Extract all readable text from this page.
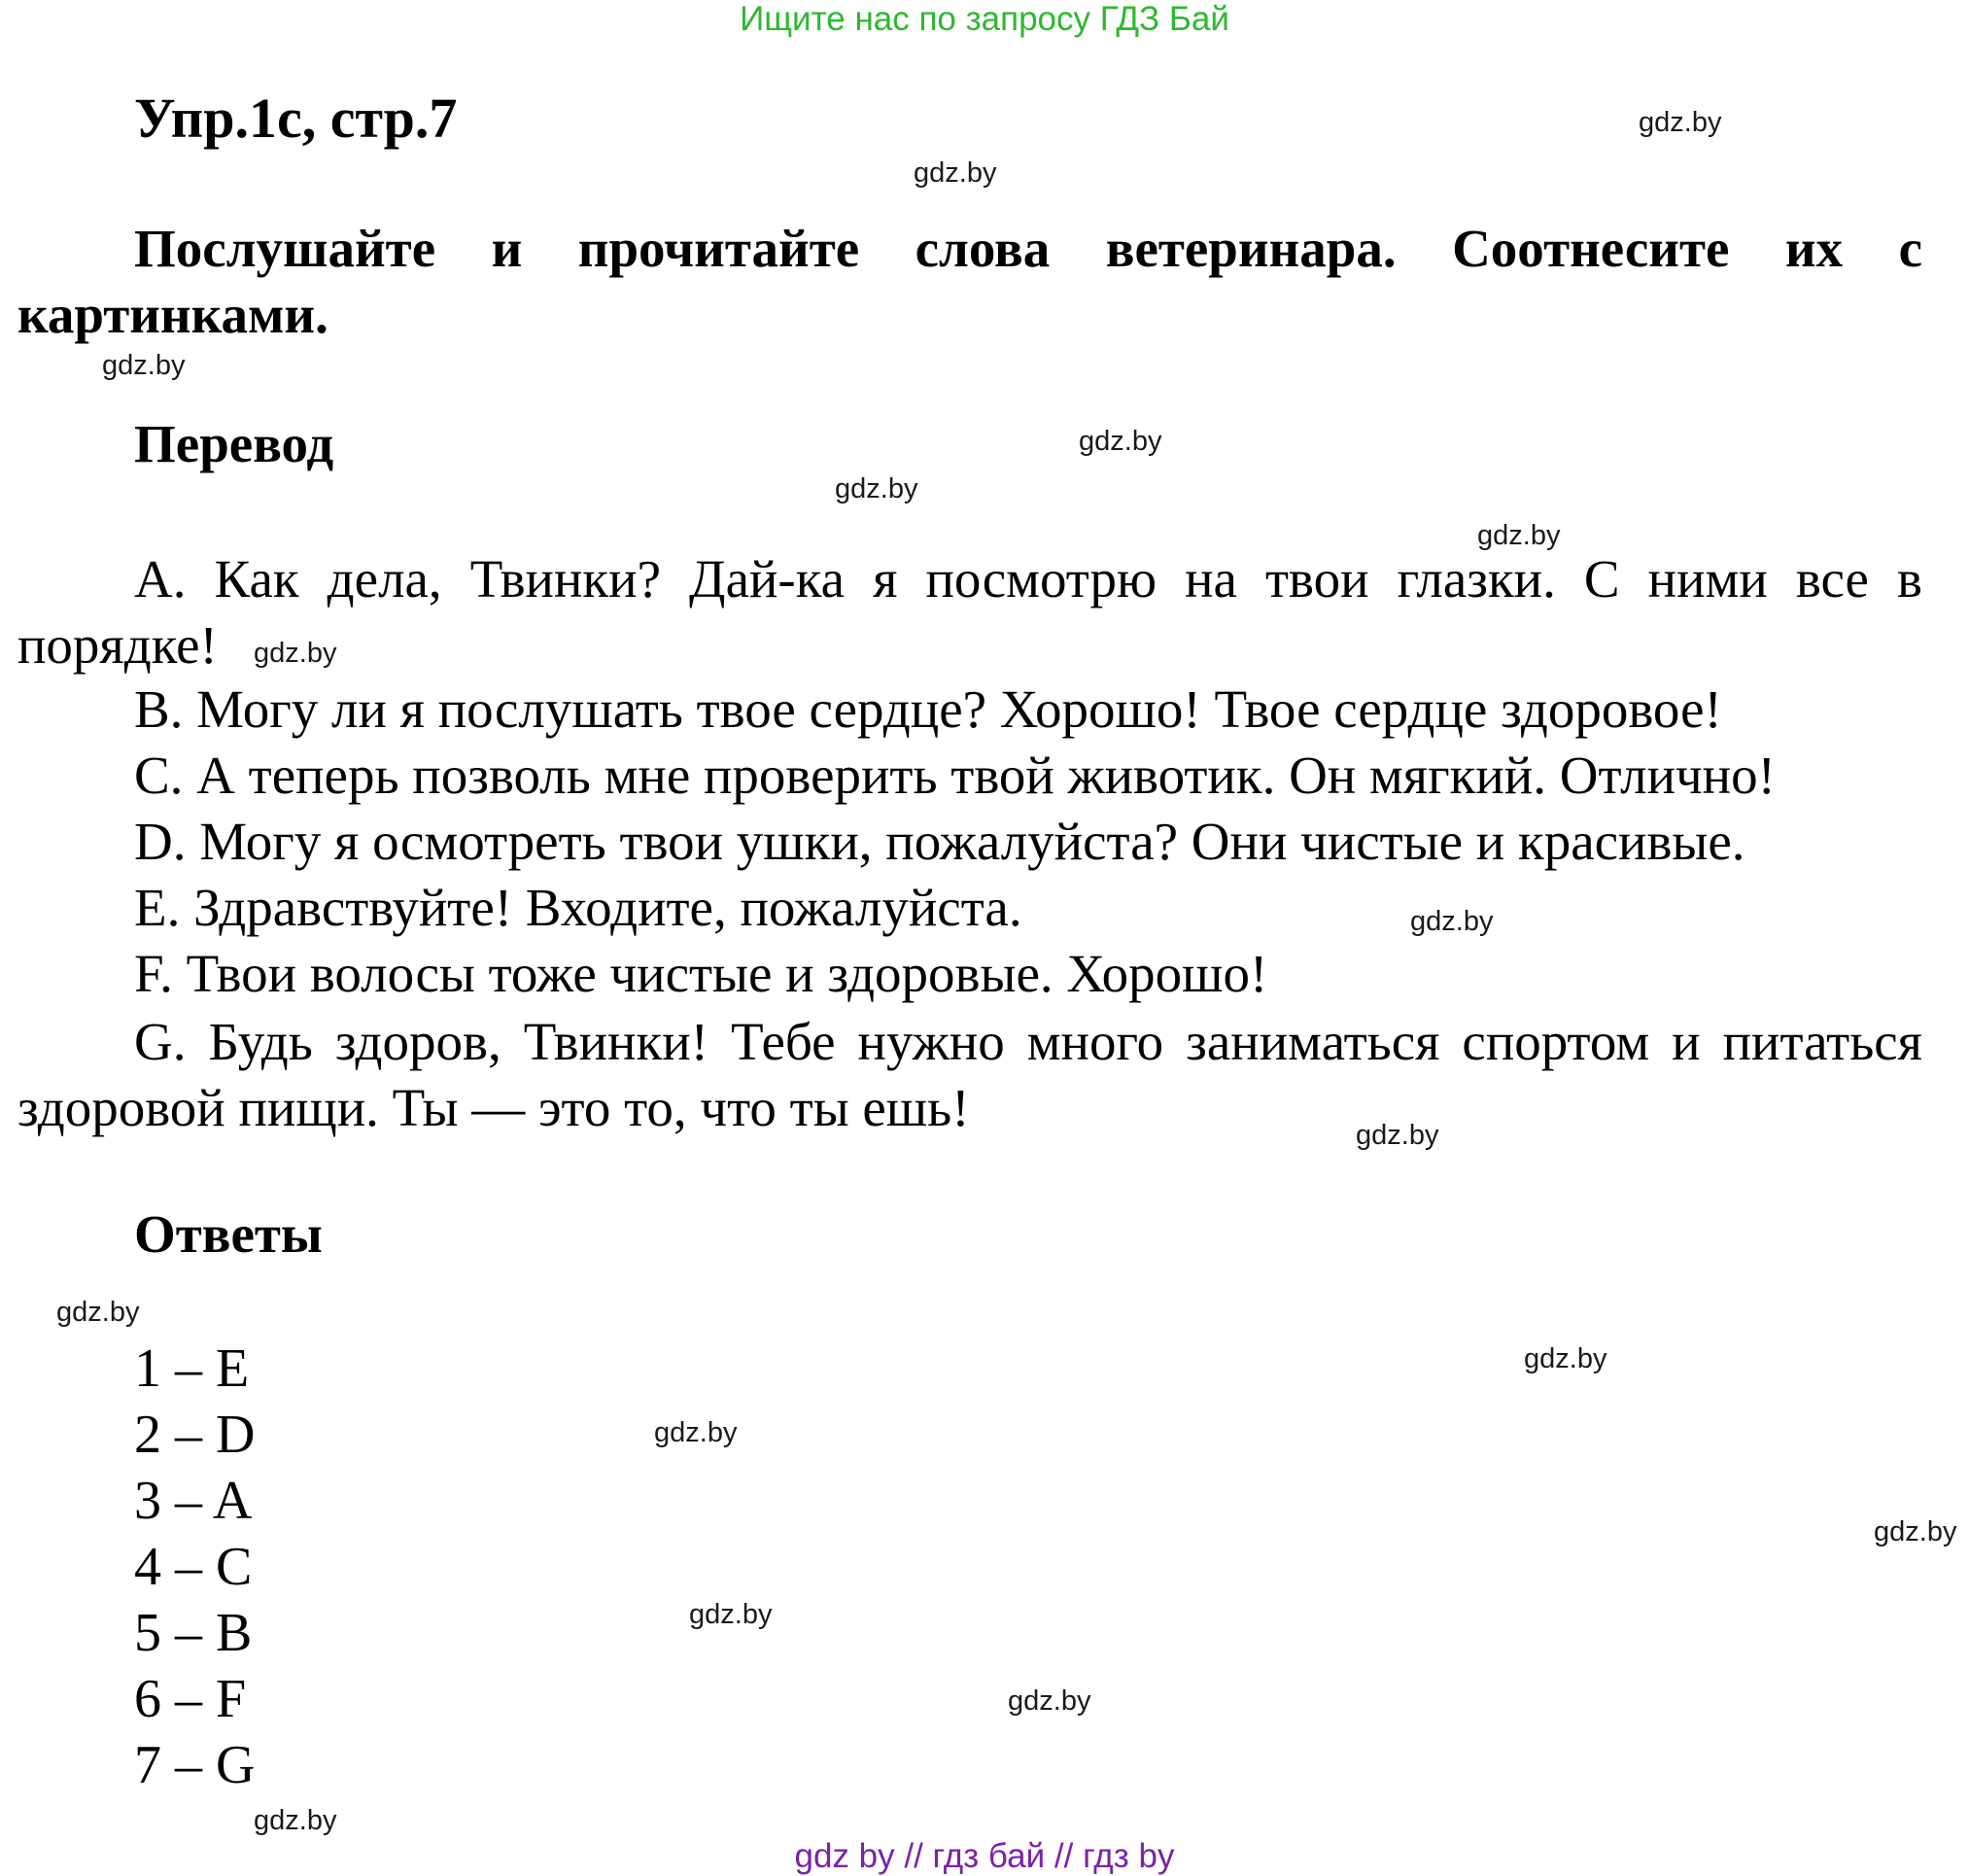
Ищите нас по запросу ГДЗ Бай
Упр.1с, стр.7

Послушайте и прочитайте слова ветеринара. Соотнесите их с картинками.

Перевод

A. Как дела, Твинки? Дай-ка я посмотрю на твои глазки. С ними все в порядке!

B. Могу ли я послушать твое сердце? Хорошо! Твое сердце здоровое!

C. А теперь позволь мне проверить твой животик. Он мягкий. Отлично!

D. Могу я осмотреть твои ушки, пожалуйста? Они чистые и красивые.

E. Здравствуйте! Входите, пожалуйста.

F. Твои волосы тоже чистые и здоровые. Хорошо!

G. Будь здоров, Твинки! Тебе нужно много заниматься спортом и питаться здоровой пищи. Ты — это то, что ты ешь!

Ответы
1 – E
2 – D
3 – A
4 – C
5 – B
6 – F
7 – G
gdz.by
gdz.by
gdz.by
gdz.by
gdz.by
gdz.by
gdz.by
gdz.by
gdz.by
gdz.by
gdz.by
gdz.by
gdz.by
gdz.by
gdz.by
gdz.by
gdz by // гдз бай // гдз by
